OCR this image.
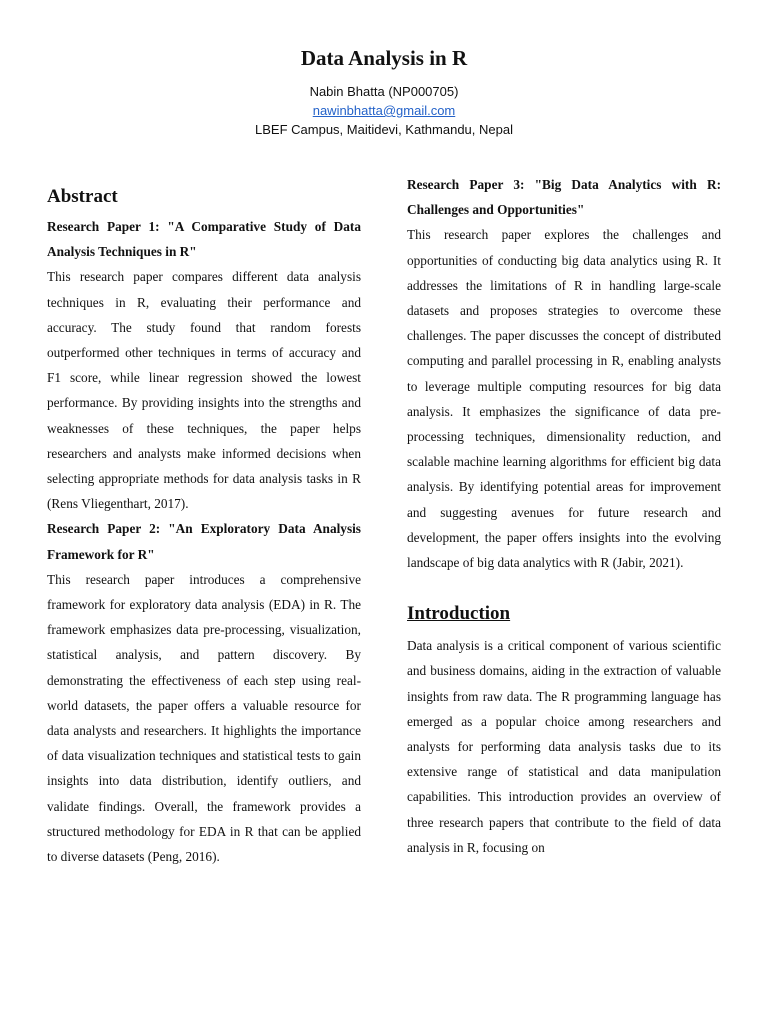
Data Analysis in R

Nabin Bhatta (NP000705)

nawinbhatta@gmail.com

LBEF Campus, Maitidevi, Kathmandu, Nepal

Abstract

Research Paper 1: "A Comparative Study of Data Analysis Techniques in R"

This research paper compares different data analysis techniques in R, evaluating their performance and accuracy. The study found that random forests outperformed other techniques in terms of accuracy and F1 score, while linear regression showed the lowest performance. By providing insights into the strengths and weaknesses of these techniques, the paper helps researchers and analysts make informed decisions when selecting appropriate methods for data analysis tasks in R (Rens Vliegenthart, 2017).

Research Paper 2: "An Exploratory Data Analysis Framework for R"

This research paper introduces a comprehensive framework for exploratory data analysis (EDA) in R. The framework emphasizes data pre-processing, visualization, statistical analysis, and pattern discovery. By demonstrating the effectiveness of each step using real-world datasets, the paper offers a valuable resource for data analysts and researchers. It highlights the importance of data visualization techniques and statistical tests to gain insights into data distribution, identify outliers, and validate findings. Overall, the framework provides a structured methodology for EDA in R that can be applied to diverse datasets (Peng, 2016).

Research Paper 3: "Big Data Analytics with R: Challenges and Opportunities"

This research paper explores the challenges and opportunities of conducting big data analytics using R. It addresses the limitations of R in handling large-scale datasets and proposes strategies to overcome these challenges. The paper discusses the concept of distributed computing and parallel processing in R, enabling analysts to leverage multiple computing resources for big data analysis. It emphasizes the significance of data pre-processing techniques, dimensionality reduction, and scalable machine learning algorithms for efficient big data analysis. By identifying potential areas for improvement and suggesting avenues for future research and development, the paper offers insights into the evolving landscape of big data analytics with R (Jabir, 2021).

Introduction

Data analysis is a critical component of various scientific and business domains, aiding in the extraction of valuable insights from raw data. The R programming language has emerged as a popular choice among researchers and analysts for performing data analysis tasks due to its extensive range of statistical and data manipulation capabilities. This introduction provides an overview of three research papers that contribute to the field of data analysis in R, focusing on
